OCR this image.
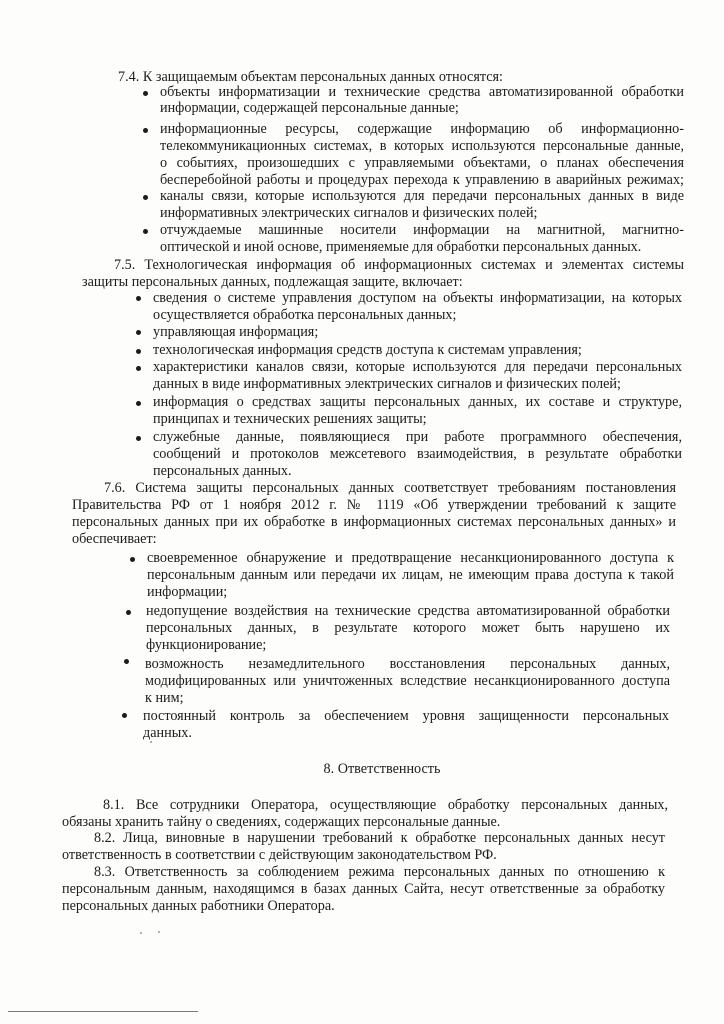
7.4. К защищаемым объектам персональных данных относятся:
объекты информатизации и технические средства автоматизированной обработки
информации, содержащей персональные данные;
информационные ресурсы, содержащие информацию об информационно-
телекоммуникационных системах, в которых используются персональные данные,
о событиях, произошедших с управляемыми объектами, о планах обеспечения
бесперебойной работы и процедурах перехода к управлению в аварийных режимах;
каналы связи, которые используются для передачи персональных данных в виде
информативных электрических сигналов и физических полей;
отчуждаемые машинные носители информации на магнитной, магнитно-
оптической и иной основе, применяемые для обработки персональных данных.
7.5. Технологическая информация об информационных системах и элементах системы
защиты персональных данных, подлежащая защите, включает:
сведения о системе управления доступом на объекты информатизации, на которых
осуществляется обработка персональных данных;
управляющая информация;
технологическая информация средств доступа к системам управления;
характеристики каналов связи, которые используются для передачи персональных
данных в виде информативных электрических сигналов и физических полей;
информация о средствах защиты персональных данных, их составе и структуре,
принципах и технических решениях защиты;
служебные данные, появляющиеся при работе программного обеспечения,
сообщений и протоколов межсетевого взаимодействия, в результате обработки
персональных данных.
7.6. Система защиты персональных данных соответствует требованиям постановления
Правительства РФ от 1 ноября 2012 г. № 1119 «Об утверждении требований к защите
персональных данных при их обработке в информационных системах персональных данных» и
обеспечивает:
своевременное обнаружение и предотвращение несанкционированного доступа к
персональным данным или передачи их лицам, не имеющим права доступа к такой
информации;
недопущение воздействия на технические средства автоматизированной обработки
персональных данных, в результате которого может быть нарушено их
функционирование;
возможность незамедлительного восстановления персональных данных,
модифицированных или уничтоженных вследствие несанкционированного доступа
к ним;
постоянный контроль за обеспечением уровня защищенности персональных
данных.
8. Ответственность
8.1. Все сотрудники Оператора, осуществляющие обработку персональных данных,
обязаны хранить тайну о сведениях, содержащих персональные данные.
8.2. Лица, виновные в нарушении требований к обработке персональных данных несут
ответственность в соответствии с действующим законодательством РФ.
8.3. Ответственность за соблюдением режима персональных данных по отношению к
персональным данным, находящимся в базах данных Сайта, несут ответственные за обработку
персональных данных работники Оператора.
